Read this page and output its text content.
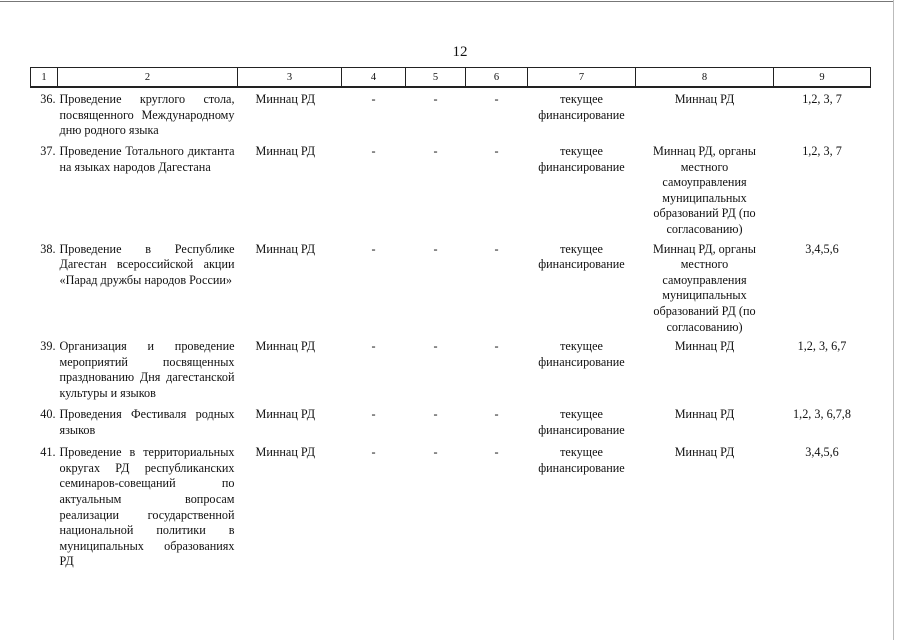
12
1	2	3	4	5	6	7	8	9
36.	Проведение круглого стола, посвященного Международному дню родного языка	Миннац РД	-	-	-	текущее финансирование	Миннац РД	1,2, 3, 7
37.	Проведение Тотального диктанта на языках народов Дагестана	Миннац РД	-	-	-	текущее финансирование	Миннац РД, органы местного самоуправления муниципальных образований РД (по согласованию)	1,2, 3, 7
38.	Проведение в Республике Дагестан всероссийской акции «Парад дружбы народов России»	Миннац РД	-	-	-	текущее финансирование	Миннац РД, органы местного самоуправления муниципальных образований РД (по согласованию)	3,4,5,6
39.	Организация и проведение мероприятий посвященных празднованию Дня дагестанской культуры и языков	Миннац РД	-	-	-	текущее финансирование	Миннац РД	1,2, 3, 6,7
40.	Проведения Фестиваля родных языков	Миннац РД	-	-	-	текущее финансирование	Миннац РД	1,2, 3, 6,7,8
41.	Проведение в территориальных округах РД республиканских семинаров-совещаний по актуальным вопросам реализации государственной национальной политики в муниципальных образованиях РД	Миннац РД	-	-	-	текущее финансирование	Миннац РД	3,4,5,6
